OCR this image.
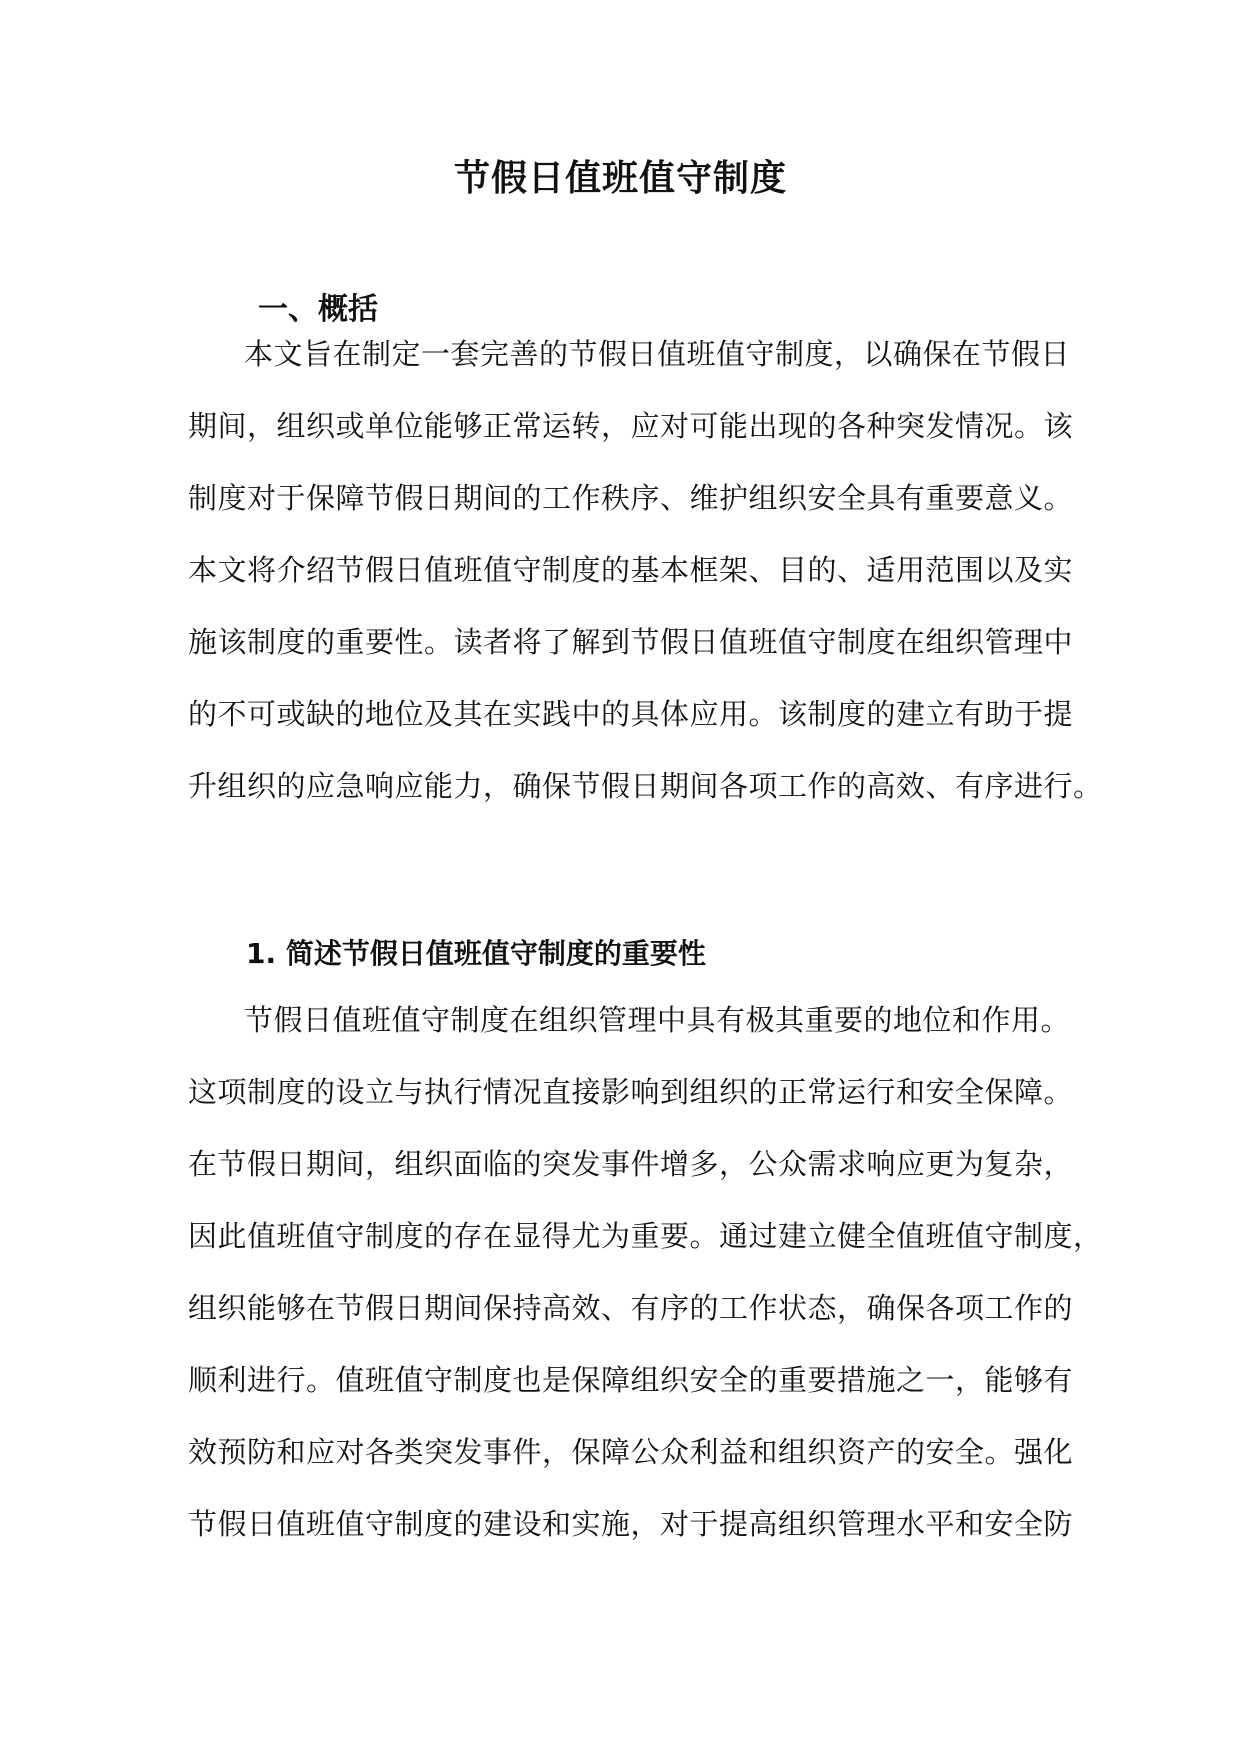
节假日值班值守制度
一、概括
本文旨在制定一套完善的节假日值班值守制度，以确保在节假日
期间，组织或单位能够正常运转，应对可能出现的各种突发情况。该
制度对于保障节假日期间的工作秩序、维护组织安全具有重要意义。
本文将介绍节假日值班值守制度的基本框架、目的、适用范围以及实
施该制度的重要性。读者将了解到节假日值班值守制度在组织管理中
的不可或缺的地位及其在实践中的具体应用。该制度的建立有助于提
升组织的应急响应能力，确保节假日期间各项工作的高效、有序进行。
1. 简述节假日值班值守制度的重要性
节假日值班值守制度在组织管理中具有极其重要的地位和作用。
这项制度的设立与执行情况直接影响到组织的正常运行和安全保障。
在节假日期间，组织面临的突发事件增多，公众需求响应更为复杂，
因此值班值守制度的存在显得尤为重要。通过建立健全值班值守制度，
组织能够在节假日期间保持高效、有序的工作状态，确保各项工作的
顺利进行。值班值守制度也是保障组织安全的重要措施之一，能够有
效预防和应对各类突发事件，保障公众利益和组织资产的安全。强化
节假日值班值守制度的建设和实施，对于提高组织管理水平和安全防
